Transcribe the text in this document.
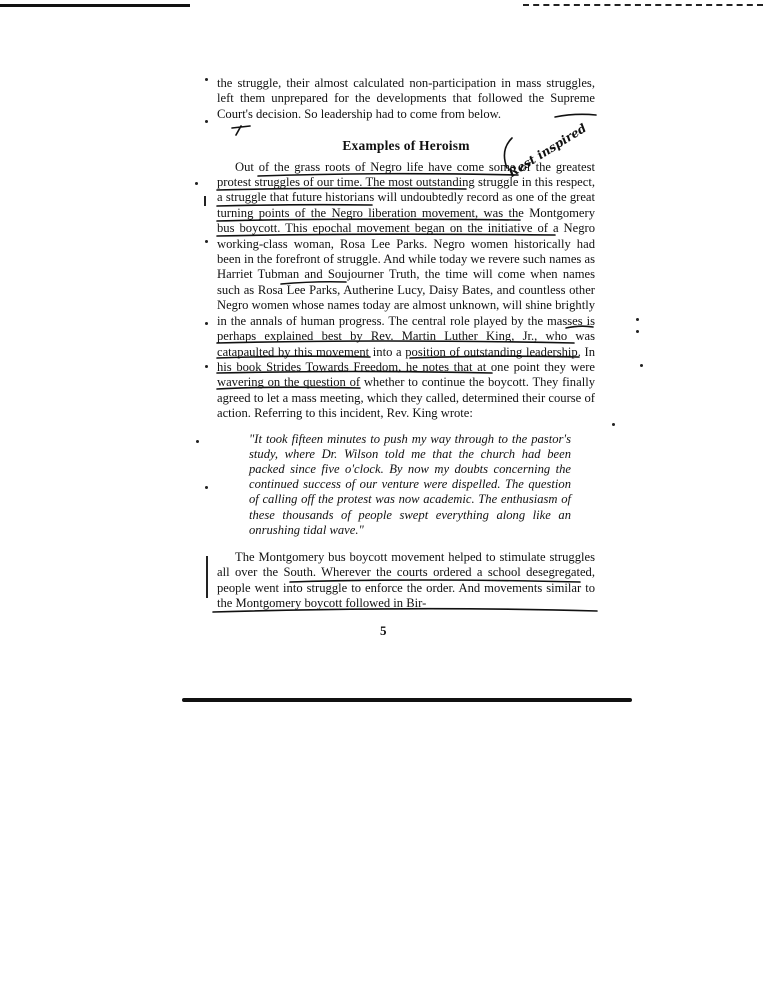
the struggle, their almost calculated non-participation in mass struggles, left them unprepared for the developments that followed the Supreme Court's decision. So leadership had to come from below.

Examples of Heroism

Out of the grass roots of Negro life have come some of the greatest protest struggles of our time. The most outstanding struggle in this respect, a struggle that future historians will undoubtedly record as one of the great turning points of the Negro liberation movement, was the Montgomery bus boycott. This epochal movement began on the initiative of a Negro working-class woman, Rosa Lee Parks. Negro women historically had been in the forefront of struggle. And while today we revere such names as Harriet Tubman and Soujourner Truth, the time will come when names such as Rosa Lee Parks, Autherine Lucy, Daisy Bates, and countless other Negro women whose names today are almost unknown, will shine brightly in the annals of human progress. The central role played by the masses is perhaps explained best by Rev. Martin Luther King, Jr., who was catapaulted by this movement into a position of outstanding leadership. In his book Strides Towards Freedom, he notes that at one point they were wavering on the question of whether to continue the boycott. They finally agreed to let a mass meeting, which they called, determined their course of action. Referring to this incident, Rev. King wrote:

"It took fifteen minutes to push my way through to the pastor's study, where Dr. Wilson told me that the church had been packed since five o'clock. By now my doubts concerning the continued success of our venture were dispelled. The question of calling off the protest was now academic. The enthusiasm of these thousands of people swept everything along like an onrushing tidal wave."

The Montgomery bus boycott movement helped to stimulate struggles all over the South. Wherever the courts ordered a school desegregated, people went into struggle to enforce the order. And movements similar to the Montgomery boycott followed in Bir-

5
Rest inspired
